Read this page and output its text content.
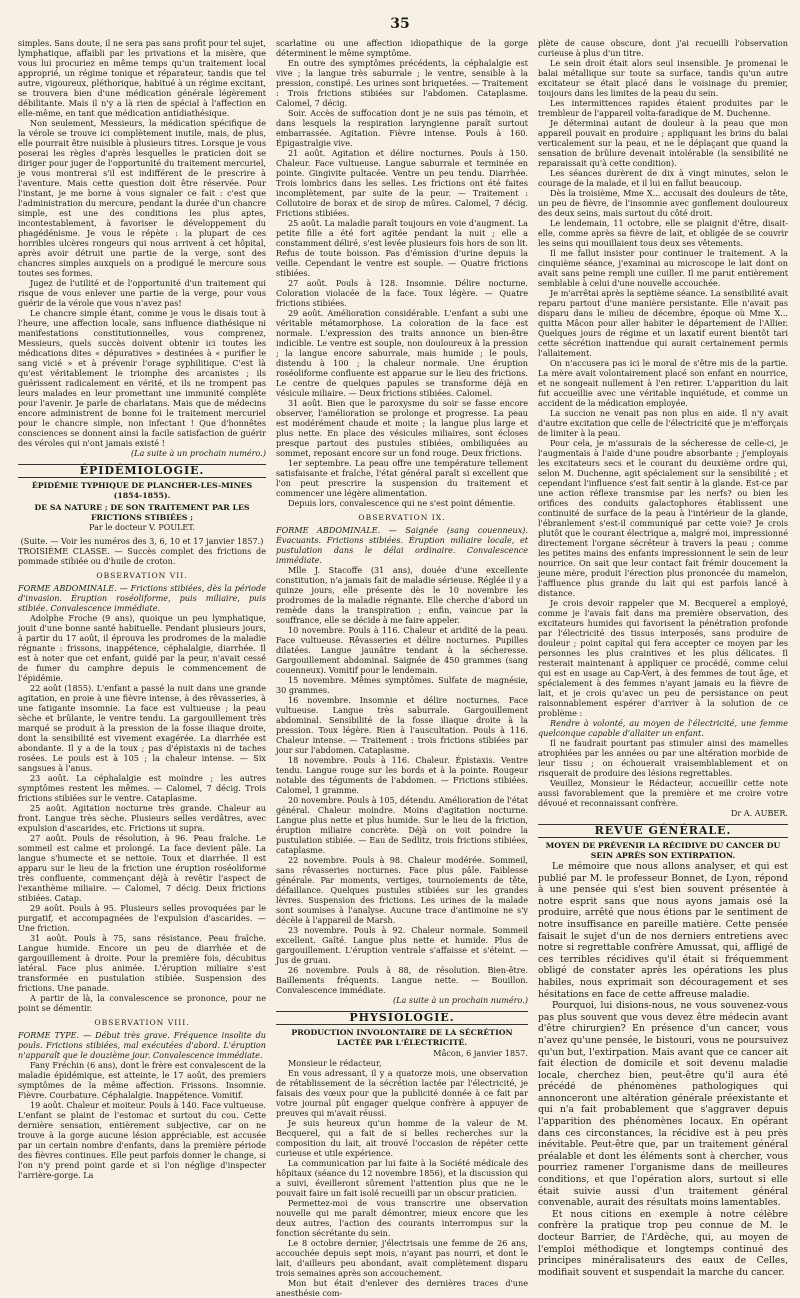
35

simples. Sans doute, il ne sera pas sans profit pour tel sujet, lymphatique, affaibli par les privations et la misère, que vous lui procuriez en même temps qu'un traitement local approprié, un régime tonique et réparateur, tandis que tel autre, vigoureux, pléthorique, habitué à un régime excitant, se trouvera bien d'une médication générale légèrement débilitante. Mais il n'y a là rien de spécial à l'affection en elle-même, en tant que médication antidiathésique.

Non seulement, Messieurs, la médication spécifique de la vérole se trouve ici complètement inutile, mais, de plus, elle pourrait être nuisible à plusieurs titres. Lorsque je vous poserai les règles d'après lesquelles le praticien doit se diriger pour juger de l'opportunité du traitement mercuriel, je vous montrerai s'il est indifférent de le prescrire à l'aventure. Mais cette question doit être réservée. Pour l'instant, je me borne à vous signaler ce fait : c'est que l'administration du mercure, pendant la durée d'un chancre simple, est une des conditions les plus aptes, incontestablement, à favoriser le développement du phagédénisme. Je vous le répète : la plupart de ces horribles ulcères rongeurs qui nous arrivent à cet hôpital, après avoir détruit une partie de la verge, sont des chancres simples auxquels on a prodigué le mercure sous toutes ses formes.

Jugez de l'utilité et de l'opportunité d'un traitement qui risque de vous enlever une partie de la verge, pour vous guérir de la vérole que vous n'avez pas!

Le chancre simple étant, comme je vous le disais tout à l'heure, une affection locale, sans influence diathésique ni manifestations constitutionnelles, vous comprenez, Messieurs, quels succès doivent obtenir ici toutes les médications dites « dépuratives » destinées à « purifier le sang vicié » et à prévenir l'orage syphilitique. C'est là qu'est véritablement le triomphe des arcanistes ; ils guérissent radicalement en vérité, et ils ne trompent pas leurs malades en leur promettant une immunité complète pour l'avenir. Je parle de charlatans. Mais que de médecins encore administrent de bonne foi le traitement mercuriel pour le chancre simple, non infectant ! Que d'honnêtes consciences se donnent ainsi la facile satisfaction de guérir des véroles qui n'ont jamais existé !

(La suite à un prochain numéro.)

ÉPIDÉMIOLOGIE.
ÉPIDÉMIE TYPHIQUE DE PLANCHER-LES-MINES (1854-1855).
DE SA NATURE ; DE SON TRAITEMENT PAR LES FRICTIONS STIBIÉES ;
Par le docteur V. POULET.

(Suite. — Voir les numéros des 3, 6, 10 et 17 janvier 1857.)

TROISIÈME CLASSE. — Succès complet des frictions de pommade stibiée ou d'huile de croton.

OBSERVATION VII.

FORME ABDOMINALE. — Frictions stibiées, dès la période d'invasion. Éruption roséoliforme, puis miliaire, puis stibiée. Convalescence immédiate.

Adolphe Froche (9 ans), quoique un peu lymphatique, jouit d'une bonne santé habituelle. Pendant plusieurs jours, à partir du 17 août, il éprouva les prodromes de la maladie régnante : frissons, inappétence, céphalalgie, diarrhée. Il est à noter que cet enfant, guidé par la peur, n'avait cessé de fumer du camphre depuis le commencement de l'épidémie.

22 août (1855). L'enfant a passé la nuit dans une grande agitation, en proie à une fièvre intense, à des rêvasseries, à une fatigante insomnie. La face est vultueuse ; la peau sèche et brûlante, le ventre tendu. La gargouillement très marqué se produit à la pression de la fosse iliaque droite, dont la sensibilité est vivement exagérée. La diarrhée est abondante. Il y a de la toux ; pas d'épistaxis ni de taches rosées. Le pouls est à 105 ; la chaleur intense. — Six sangsues à l'anus.

23 août. La céphalalgie est moindre ; les autres symptômes restent les mêmes. — Calomel, 7 décig. Trois frictions stibiées sur le ventre. Cataplasme.

25 août. Agitation nocturne très grande. Chaleur au front. Langue très sèche. Plusieurs selles verdâtres, avec expulsion d'ascarides, etc. Frictions ut supra.

27 août. Pouls de résolution, à 96. Peau fraîche. Le sommeil est calme et prolongé. La face devient pâle. La langue s'humecte et se nettoie. Toux et diarrhée. Il est apparu sur le lieu de la friction une éruption roséoliforme très confluente, commençant déjà à revêtir l'aspect de l'exanthème miliaire. — Calomel, 7 décig. Deux frictions stibiées. Catap.

29 août. Pouls à 95. Plusieurs selles provoquées par le purgatif, et accompagnées de l'expulsion d'ascarides. — Une friction.

31 août. Pouls à 75, sans résistance. Peau fraîche. Langue humide. Encore un peu de diarrhée et de gargouillement à droite. Pour la première fois, décubitus latéral. Face plus animée. L'éruption miliaire s'est transformée en pustulation stibiée. Suspension des frictions. Une panade.

A partir de là, la convalescence se prononce, pour ne point se démentir.

OBSERVATION VIII.

FORME TYPE. — Début très grave. Fréquence insolite du pouls. Frictions stibiées, mal exécutées d'abord. L'éruption n'apparaît que le douzième jour. Convalescence immédiate.

Fany Fréchin (6 ans), dont le frère est convalescent de la maladie épidémique, est atteinte, le 17 août, des premiers symptômes de la même affection. Frissons. Insomnie. Fièvre. Courbature. Céphalalgie. Inappétence. Vomitif.

19 août. Chaleur et moiteur. Pouls à 140. Face vultueuse. L'enfant se plaint de l'estomac et surtout du cou. Cette dernière sensation, entièrement subjective, car on ne trouve à la gorge aucune lésion appréciable, est accusée par un certain nombre d'enfants, dans la première période des fièvres continues. Elle peut parfois donner le change, si l'on n'y prend point garde et si l'on néglige d'inspecter l'arrière-gorge. La

scarlatine ou une affection idiopathique de la gorge déterminent le même symptôme.

En outre des symptômes précédents, la céphalalgie est vive ; la langue très saburrale ; le ventre, sensible à la pression, constipé. Les urines sont briquetées. — Traitement : Trois frictions stibiées sur l'abdomen. Cataplasme. Calomel, 7 décig.

Soir. Accès de suffocation dont je ne suis pas témoin, et dans lesquels la respiration laryngienne paraît surtout embarrassée. Agitation. Fièvre intense. Pouls à 160. Épigastralgie vive.

21 août. Agitation et délire nocturnes. Pouls à 150. Chaleur. Face vultueuse. Langue saburrale et terminée en pointe. Gingivite pultacée. Ventre un peu tendu. Diarrhée. Trois lombrics dans les selles. Les frictions ont été faites incomplètement, par suite de la peur. — Traitement : Collutoire de borax et de sirop de mûres. Calomel, 7 décig. Frictions stibiées.

25 août. La maladie paraît toujours en voie d'augment. La petite fille a été fort agitée pendant la nuit ; elle a constamment déliré, s'est levée plusieurs fois hors de son lit. Refus de toute boisson. Pas d'émission d'urine depuis la veille. Cependant le ventre est souple. — Quatre frictions stibiées.

27 août. Pouls à 128. Insomnie. Délire nocturne. Coloration violacée de la face. Toux légère. — Quatre frictions stibiées.

29 août. Amélioration considérable. L'enfant a subi une véritable métamorphose. La coloration de la face est normale. L'expression des traits annonce un bien-être indicible. Le ventre est souple, non douloureux à la pression ; la langue encore saburrale, mais humide ; le pouls, distendu à 100 ; la chaleur normale. Une éruption roséoliforme confluente est apparue sur le lieu des frictions. Le centre de quelques papules se transforme déjà en vésicule miliaire. — Deux frictions stibiées. Calomel.

31 août. Bien que le paroxysme du soir se fasse encore observer, l'amélioration se prolonge et progresse. La peau est modérément chaude et moite ; la langue plus large et plus nette. En place des vésicules miliaires, sont écloses presque partout des pustules stibiées, ombiliquées au sommet, reposant encore sur un fond rouge. Deux frictions.

1er septembre. La peau offre une température tellement satisfaisante et fraîche, l'état général paraît si excellent que l'on peut prescrire la suspension du traitement et commencer une légère alimentation.

Depuis lors, convalescence qui ne s'est point démentie.

OBSERVATION IX.

FORME ABDOMINALE. — Saignée (sang couenneux). Évacuants. Frictions stibiées. Éruption miliaire locale, et pustulation dans le délai ordinaire. Convalescence immédiate.

Mlle J. Stacoffe (31 ans), douée d'une excellente constitution, n'a jamais fait de maladie sérieuse. Réglée il y a quinze jours, elle présente dès le 10 novembre les prodromes de la maladie régnante. Elle cherche d'abord un remède dans la transpiration ; enfin, vaincue par la souffrance, elle se décide à me faire appeler.

10 novembre. Pouls à 116. Chaleur et aridité de la peau. Face vultueuse. Rêvasseries et délire nocturnes. Pupilles dilatées. Langue jaunâtre tendant à la sécheresse. Gargouillement abdominal. Saignée de 450 grammes (sang couenneux). Vomitif pour le lendemain.

15 novembre. Mêmes symptômes. Sulfate de magnésie, 30 grammes.

16 novembre. Insomnie et délire nocturnes. Face vultueuse. Langue très saburrale. Gargouillement abdominal. Sensibilité de la fosse iliaque droite à la pression. Toux légère. Rien à l'auscultation. Pouls à 116. Chaleur intense. — Traitement : trois frictions stibiées par jour sur l'abdomen. Cataplasme.

18 novembre. Pouls à 116. Chaleur. Épistaxis. Ventre tendu. Langue rouge sur les bords et à la pointe. Rougeur notable des téguments de l'abdomen. — Frictions stibiées. Calomel, 1 gramme.

20 novembre. Pouls à 105, détendu. Amélioration de l'état général. Chaleur moindre. Moins d'agitation nocturne. Langue plus nette et plus humide. Sur le lieu de la friction, éruption miliaire concrète. Déjà on voit poindre la pustulation stibiée. — Eau de Sedlitz, trois frictions stibiées, cataplasme.

22 novembre. Pouls à 98. Chaleur modérée. Sommeil, sans rêvasseries nocturnes. Face plus pâle. Faiblesse générale. Par moments, vertiges, tournoiements de tête, défaillance. Quelques pustules stibiées sur les grandes lèvres. Suspension des frictions. Les urines de la malade sont soumises à l'analyse. Aucune trace d'antimoine ne s'y décèle à l'appareil de Marsh.

23 novembre. Pouls à 92. Chaleur normale. Sommeil excellent. Gaîté. Langue plus nette et humide. Plus de gargouillement. L'éruption ventrale s'affaisse et s'éteint. — Jus de gruau.

26 novembre. Pouls à 88, de résolution. Bien-être. Baillements fréquents. Langue nette. — Bouillon. Convalescence immédiate.

(La suite à un prochain numéro.)

PHYSIOLOGIE.
PRODUCTION INVOLONTAIRE DE LA SÉCRÉTION LACTÉE PAR L'ÉLECTRICITÉ.

Mâcon, 6 janvier 1857.

Monsieur le rédacteur,

En vous adressant, il y a quatorze mois, une observation de rétablissement de la sécrétion lactée par l'électricité, je faisais des vœux pour que la publicité donnée à ce fait par votre journal pût engager quelque confrère à appuyer de preuves qui m'avait réussi.

Je suis heureux qu'un homme de la valeur de M. Becquerel, qui a fait de si belles recherches sur la composition du lait, ait trouvé l'occasion de répéter cette curieuse et utile expérience.

La communication par lui faite à la Société médicale des hôpitaux (séance du 12 novembre 1856), et la discussion qui a suivi, éveilleront sûrement l'attention plus que ne le pouvait faire un fait isolé recueilli par un obscur praticien.

Permettez-moi de vous transcrire une observation nouvelle qui me paraît démontrer, mieux encore que les deux autres, l'action des courants interrompus sur la fonction sécrétante du sein.

Le 8 octobre dernier, j'électrisais une femme de 26 ans, accouchée depuis sept mois, n'ayant pas nourri, et dont le lait, d'ailleurs peu abondant, avait complètement disparu trois semaines après son accouchement.

Mon but était d'enlever des dernières traces d'une anesthésie com-

plète de cause obscure, dont j'ai recueilli l'observation curieuse à plus d'un titre.

Le sein droit était alors seul insensible. Je promenai le balai métallique sur toute sa surface, tandis qu'un autre excitateur se était placé dans le voisinage du premier, toujours dans les limites de la peau du sein.

Les intermittences rapides étaient produites par le trembleur de l'appareil volta-faradique de M. Duchenne.

Je déterminai autant de douleur à la peau que mon appareil pouvait en produire ; appliquant les brins du balai verticalement sur la peau, et ne le déplaçant que quand la sensation de brûlure devenait intolérable (la sensibilité ne reparaissait qu'à cette condition).

Les séances durèrent de dix à vingt minutes, selon le courage de la malade, et il lui en fallut beaucoup.

Dès la troisième, Mme X... accusait des douleurs de tête, un peu de fièvre, de l'insomnie avec gonflement douloureux des deux seins, mais surtout du côté droit.

Le lendemain, 11 octobre, elle se plaignit d'être, disait-elle, comme après sa fièvre de lait, et obligée de se couvrir les seins qui mouillaient tous deux ses vêtements.

Il me fallut insister pour continuer le traitement. A la cinquième séance, j'examinai au microscope le lait dont on avait sans peine rempli une cuiller. Il me parut entièrement semblable à celui d'une nouvelle accouchée.

Je m'arrêtai après la septième séance. La sensibilité avait reparu partout d'une manière persistante. Elle n'avait pas disparu dans le milieu de décembre, époque où Mme X... quitta Mâcon pour aller habiter le département de l'Allier. Quelques jours de régime et un laxatif eurent bientôt tari cette sécrétion inattendue qui aurait certainement permis l'allaitement.

On n'accusera pas ici le moral de s'être mis de la partie. La mère avait volontairement placé son enfant en nourrice, et ne songeait nullement à l'en retirer. L'apparition du lait fut accueillie avec une véritable inquiétude, et comme un accident de la médication employée.

La succion ne venait pas non plus en aide. Il n'y avait d'autre excitation que celle de l'électricité que je m'efforçais de limiter à la peau.

Pour cela, je m'assurais de la sécheresse de celle-ci, je l'augmentais à l'aide d'une poudre absorbante ; j'employais les excitateurs secs et le courant du deuxième ordre qui, selon M. Duchenne, agit spécialement sur la sensibilité ; et cependant l'influence s'est fait sentir à la glande. Est-ce par une action réflexe transmise par les nerfs? ou bien les orifices des conduits galactophores établissent une continuité de surface de la peau à l'intérieur de la glande, l'ébranlement s'est-il communiqué par cette voie? Je crois plutôt que le courant électrique a, malgré moi, impressionné directement l'organe sécréteur à travers la peau ; comme les petites mains des enfants impressionnent le sein de leur nourrice. On sait que leur contact fait frémir doucement la jeune mère, produit l'érection plus prononcée du mamelon, l'affluence plus grande du lait qui est parfois lancé à distance.

Je crois devoir rappeler que M. Becquerel a employé, comme je l'avais fait dans ma première observation, des excitateurs humides qui favorisent la pénétration profonde par l'électricité des tissus interposés, sans produire de douleur ; point capital qui fera accepter ce moyen par les personnes les plus craintives et les plus délicates. Il resterait maintenant à appliquer ce procédé, comme celui qui est en usage au Cap-Vert, à des femmes de tout âge, et spécialement à des femmes n'ayant jamais eu la fièvre de lait, et je crois qu'avec un peu de persistance on peut raisonnablement espérer d'arriver à la solution de ce problème :

Rendre à volonté, au moyen de l'électricité, une femme quelconque capable d'allaiter un enfant.

Il ne faudrait pourtant pas stimuler ainsi des mamelles atrophiées par les années ou par une altération morbide de leur tissu ; on échouerait vraisemblablement et on risquerait de produire des lésions regrettables.

Veuillez, Monsieur le Rédacteur, accueillir cette note aussi favorablement que la première et me croire votre dévoué et reconnaissant confrère.

Dr A. AUBER.

REVUE GÉNÉRALE.
MOYEN DE PRÉVENIR LA RÉCIDIVE DU CANCER DU SEIN APRÈS SON EXTIRPATION.

Le mémoire que nous allons analyser, et qui est publié par M. le professeur Bonnet, de Lyon, répond à une pensée qui s'est bien souvent présentée à notre esprit sans que nous ayons jamais osé la produire, arrêté que nous étions par le sentiment de notre insuffisance en pareille matière. Cette pensée faisait le sujet d'un de nos derniers entretiens avec notre si regrettable confrère Amussat, qui, affligé de ces terribles récidives qu'il était si fréquemment obligé de constater après les opérations les plus habiles, nous exprimait son découragement et ses hésitations en face de cette affreuse maladie.

Pourquoi, lui disions-nous, ne vous souvenez-vous pas plus souvent que vous devez être médecin avant d'être chirurgien? En présence d'un cancer, vous n'avez qu'une pensée, le bistouri, vous ne poursuivez qu'un but, l'extirpation. Mais avant que ce cancer ait fait élection de domicile et soit devenu maladie locale, cherchez bien, peut-être qu'il aura été précédé de phénomènes pathologiques qui annonceront une altération générale préexistante et qui n'a fait probablement que s'aggraver depuis l'apparition des phénomènes locaux. En opérant dans ces circonstances, la récidive est à peu près inévitable. Peut-être que, par un traitement général préalable et dont les éléments sont à chercher, vous pourriez ramener l'organisme dans de meilleures conditions, et que l'opération alors, surtout si elle était suivie aussi d'un traitement général convenable, aurait des résultats moins lamentables.

Et nous citions en exemple à notre célèbre confrère la pratique trop peu connue de M. le docteur Barrier, de l'Ardèche, qui, au moyen de l'emploi méthodique et longtemps continué des principes minéralisateurs des eaux de Celles, modifiait souvent et suspendait la marche du cancer.
